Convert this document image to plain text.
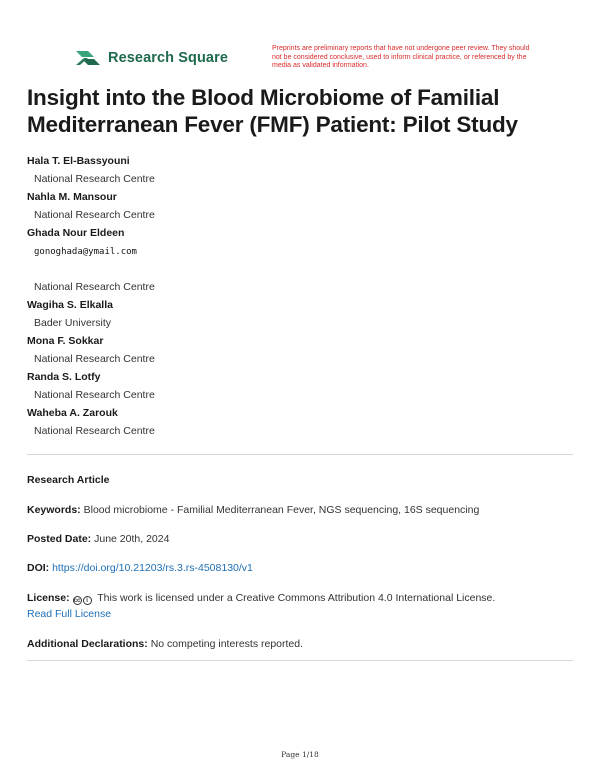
Research Square
Preprints are preliminary reports that have not undergone peer review. They should not be considered conclusive, used to inform clinical practice, or referenced by the media as validated information.
Insight into the Blood Microbiome of Familial Mediterranean Fever (FMF) Patient: Pilot Study
Hala T. El-Bassyouni
National Research Centre
Nahla M. Mansour
National Research Centre
Ghada Nour Eldeen
gonoghada@ymail.com
National Research Centre
Wagiha S. Elkalla
Bader University
Mona F. Sokkar
National Research Centre
Randa S. Lotfy
National Research Centre
Waheba A. Zarouk
National Research Centre
Research Article
Keywords: Blood microbiome - Familial Mediterranean Fever, NGS sequencing, 16S sequencing
Posted Date: June 20th, 2024
DOI: https://doi.org/10.21203/rs.3.rs-4508130/v1
License: cc i This work is licensed under a Creative Commons Attribution 4.0 International License.
Read Full License
Additional Declarations: No competing interests reported.
Page 1/18
